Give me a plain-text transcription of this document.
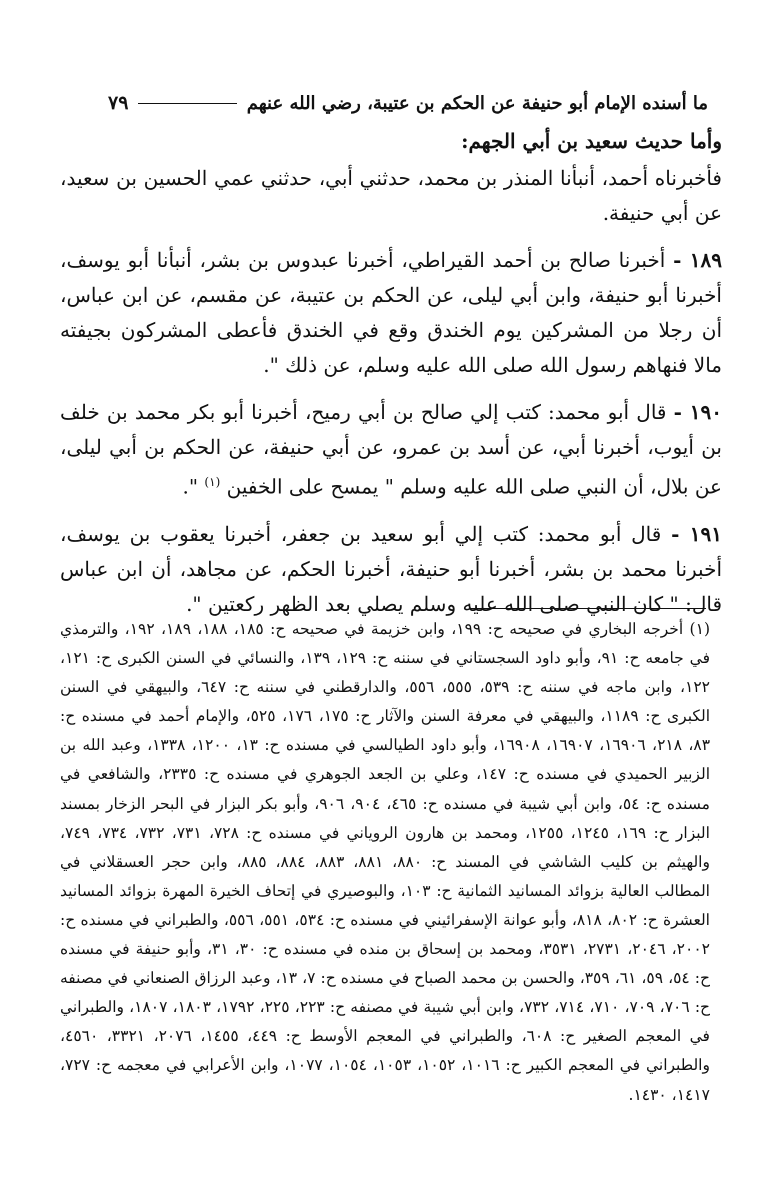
ما أسنده الإمام أبو حنيفة عن الحكم بن عتيبة، رضي الله عنهم
٧٩

وأما حديث سعيد بن أبي الجهم:

فأخبرناه أحمد، أنبأنا المنذر بن محمد، حدثني أبي، حدثني عمي الحسين بن سعيد، عن أبي حنيفة.

١٨٩ - أخبرنا صالح بن أحمد القيراطي، أخبرنا عبدوس بن بشر، أنبأنا أبو يوسف، أخبرنا أبو حنيفة، وابن أبي ليلى، عن الحكم بن عتيبة، عن مقسم، عن ابن عباس، أن رجلا من المشركين يوم الخندق وقع في الخندق فأعطى المشركون بجيفته مالا فنهاهم رسول الله صلى الله عليه وسلم، عن ذلك ".

١٩٠ - قال أبو محمد: كتب إلي صالح بن أبي رميح، أخبرنا أبو بكر محمد بن خلف بن أيوب، أخبرنا أبي، عن أسد بن عمرو، عن أبي حنيفة، عن الحكم بن أبي ليلى، عن بلال، أن النبي صلى الله عليه وسلم " يمسح على الخفين $^{(١)}$ ".

١٩١ - قال أبو محمد: كتب إلي أبو سعيد بن جعفر، أخبرنا يعقوب بن يوسف، أخبرنا محمد بن بشر، أخبرنا أبو حنيفة، أخبرنا الحكم، عن مجاهد، أن ابن عباس قال: " كان النبي صلى الله عليه وسلم يصلي بعد الظهر ركعتين ".

(١) أخرجه البخاري في صحيحه ح: ١٩٩، وابن خزيمة في صحيحه ح: ١٨٥، ١٨٨، ١٨٩، ١٩٢، والترمذي في جامعه ح: ٩١، وأبو داود السجستاني في سننه ح: ١٢٩، ١٣٩، والنسائي في السنن الكبرى ح: ١٢١، ١٢٢، وابن ماجه في سننه ح: ٥٣٩، ٥٥٥، ٥٥٦، والدارقطني في سننه ح: ٦٤٧، والبيهقي في السنن الكبرى ح: ١١٨٩، والبيهقي في معرفة السنن والآثار ح: ١٧٥، ١٧٦، ٥٢٥، والإمام أحمد في مسنده ح: ٨٣، ٢١٨، ١٦٩٠٦، ١٦٩٠٧، ١٦٩٠٨، وأبو داود الطيالسي في مسنده ح: ١٣، ١٢٠٠، ١٣٣٨، وعبد الله بن الزبير الحميدي في مسنده ح: ١٤٧، وعلي بن الجعد الجوهري في مسنده ح: ٢٣٣٥، والشافعي في مسنده ح: ٥٤، وابن أبي شيبة في مسنده ح: ٤٦٥، ٩٠٤، ٩٠٦، وأبو بكر البزار في البحر الزخار بمسند البزار ح: ١٦٩، ١٢٤٥، ١٢٥٥، ومحمد بن هارون الروياني في مسنده ح: ٧٢٨، ٧٣١، ٧٣٢، ٧٣٤، ٧٤٩، والهيثم بن كليب الشاشي في المسند ح: ٨٨٠، ٨٨١، ٨٨٣، ٨٨٤، ٨٨٥، وابن حجر العسقلاني في المطالب العالية بزوائد المسانيد الثمانية ح: ١٠٣، والبوصيري في إتحاف الخيرة المهرة بزوائد المسانيد العشرة ح: ٨٠٢، ٨١٨، وأبو عوانة الإسفرائيني في مسنده ح: ٥٣٤، ٥٥١، ٥٥٦، والطبراني في مسنده ح: ٢٠٠٢، ٢٠٤٦، ٢٧٣١، ٣٥٣١، ومحمد بن إسحاق بن منده في مسنده ح: ٣٠، ٣١، وأبو حنيفة في مسنده ح: ٥٤، ٥٩، ٦١، ٣٥٩، والحسن بن محمد الصباح في مسنده ح: ٧، ١٣، وعبد الرزاق الصنعاني في مصنفه ح: ٧٠٦، ٧٠٩، ٧١٠، ٧١٤، ٧٣٢، وابن أبي شيبة في مصنفه ح: ٢٢٣، ٢٢٥، ١٧٩٢، ١٨٠٣، ١٨٠٧، والطبراني في المعجم الصغير ح: ٦٠٨، والطبراني في المعجم الأوسط ح: ٤٤٩، ١٤٥٥، ٢٠٧٦، ٣٣٢١، ٤٥٦٠، والطبراني في المعجم الكبير ح: ١٠١٦، ١٠٥٢، ١٠٥٣، ١٠٥٤، ١٠٧٧، وابن الأعرابي في معجمه ح: ٧٢٧، ١٤١٧، ١٤٣٠.
